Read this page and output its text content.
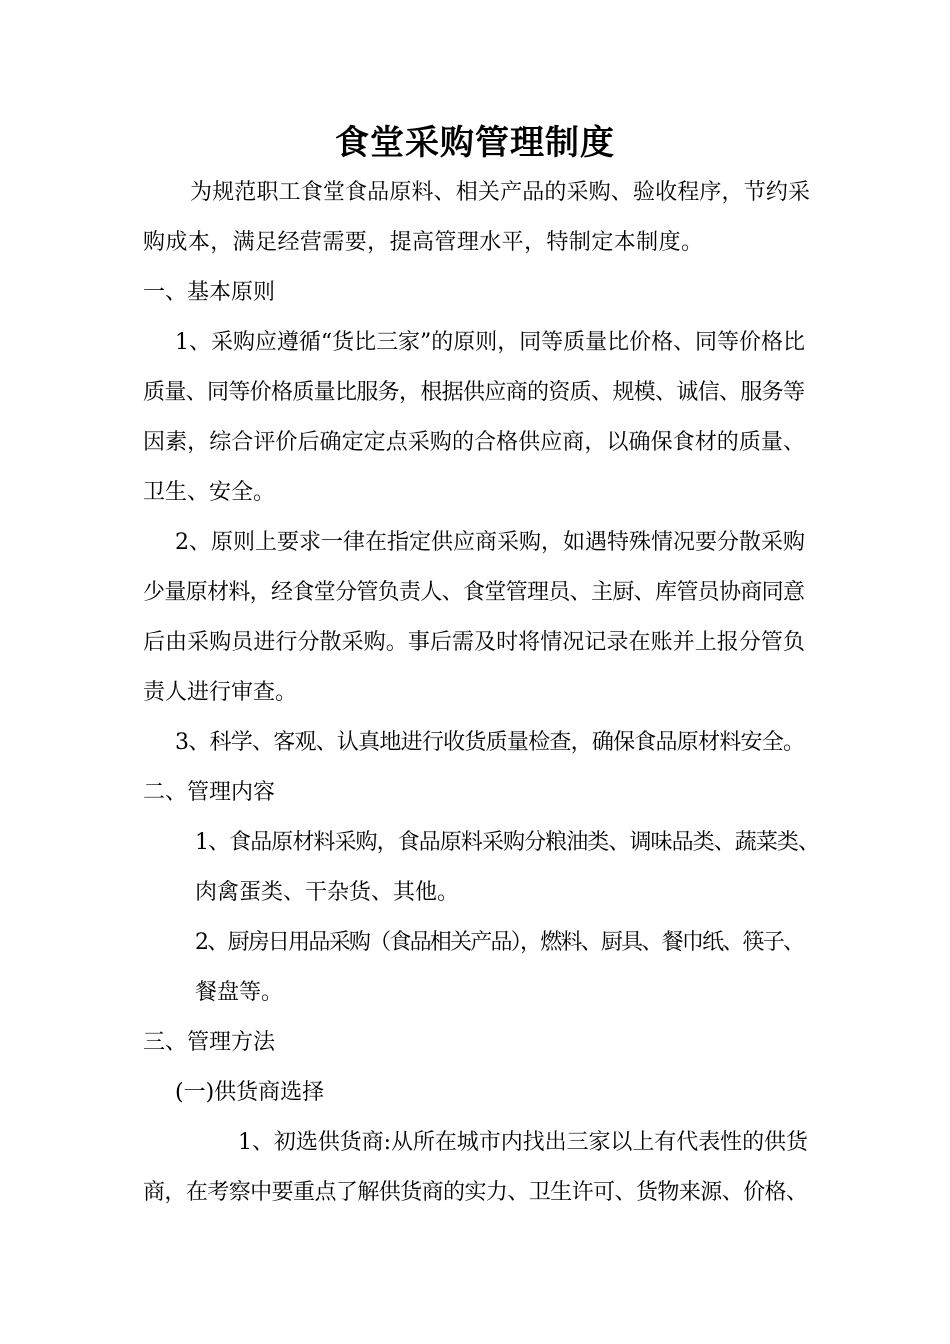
食堂采购管理制度
为规范职工食堂食品原料、相关产品的采购、验收程序，节约采
购成本，满足经营需要，提高管理水平，特制定本制度。
一、基本原则
1、采购应遵循“货比三家”的原则，同等质量比价格、同等价格比
质量、同等价格质量比服务，根据供应商的资质、规模、诚信、服务等
因素，综合评价后确定定点采购的合格供应商，以确保食材的质量、
卫生、安全。
2、原则上要求一律在指定供应商采购，如遇特殊情况要分散采购
少量原材料，经食堂分管负责人、食堂管理员、主厨、库管员协商同意
后由采购员进行分散采购。事后需及时将情况记录在账并上报分管负
责人进行审查。
3、科学、客观、认真地进行收货质量检查，确保食品原材料安全。
二、管理内容
1、食品原材料采购，食品原料采购分粮油类、调味品类、蔬菜类、
肉禽蛋类、干杂货、其他。
2、厨房日用品采购（食品相关产品），燃料、厨具、餐巾纸、筷子、
餐盘等。
三、管理方法
(一)供货商选择
1、初选供货商:从所在城市内找出三家以上有代表性的供货
商，在考察中要重点了解供货商的实力、卫生许可、货物来源、价格、
